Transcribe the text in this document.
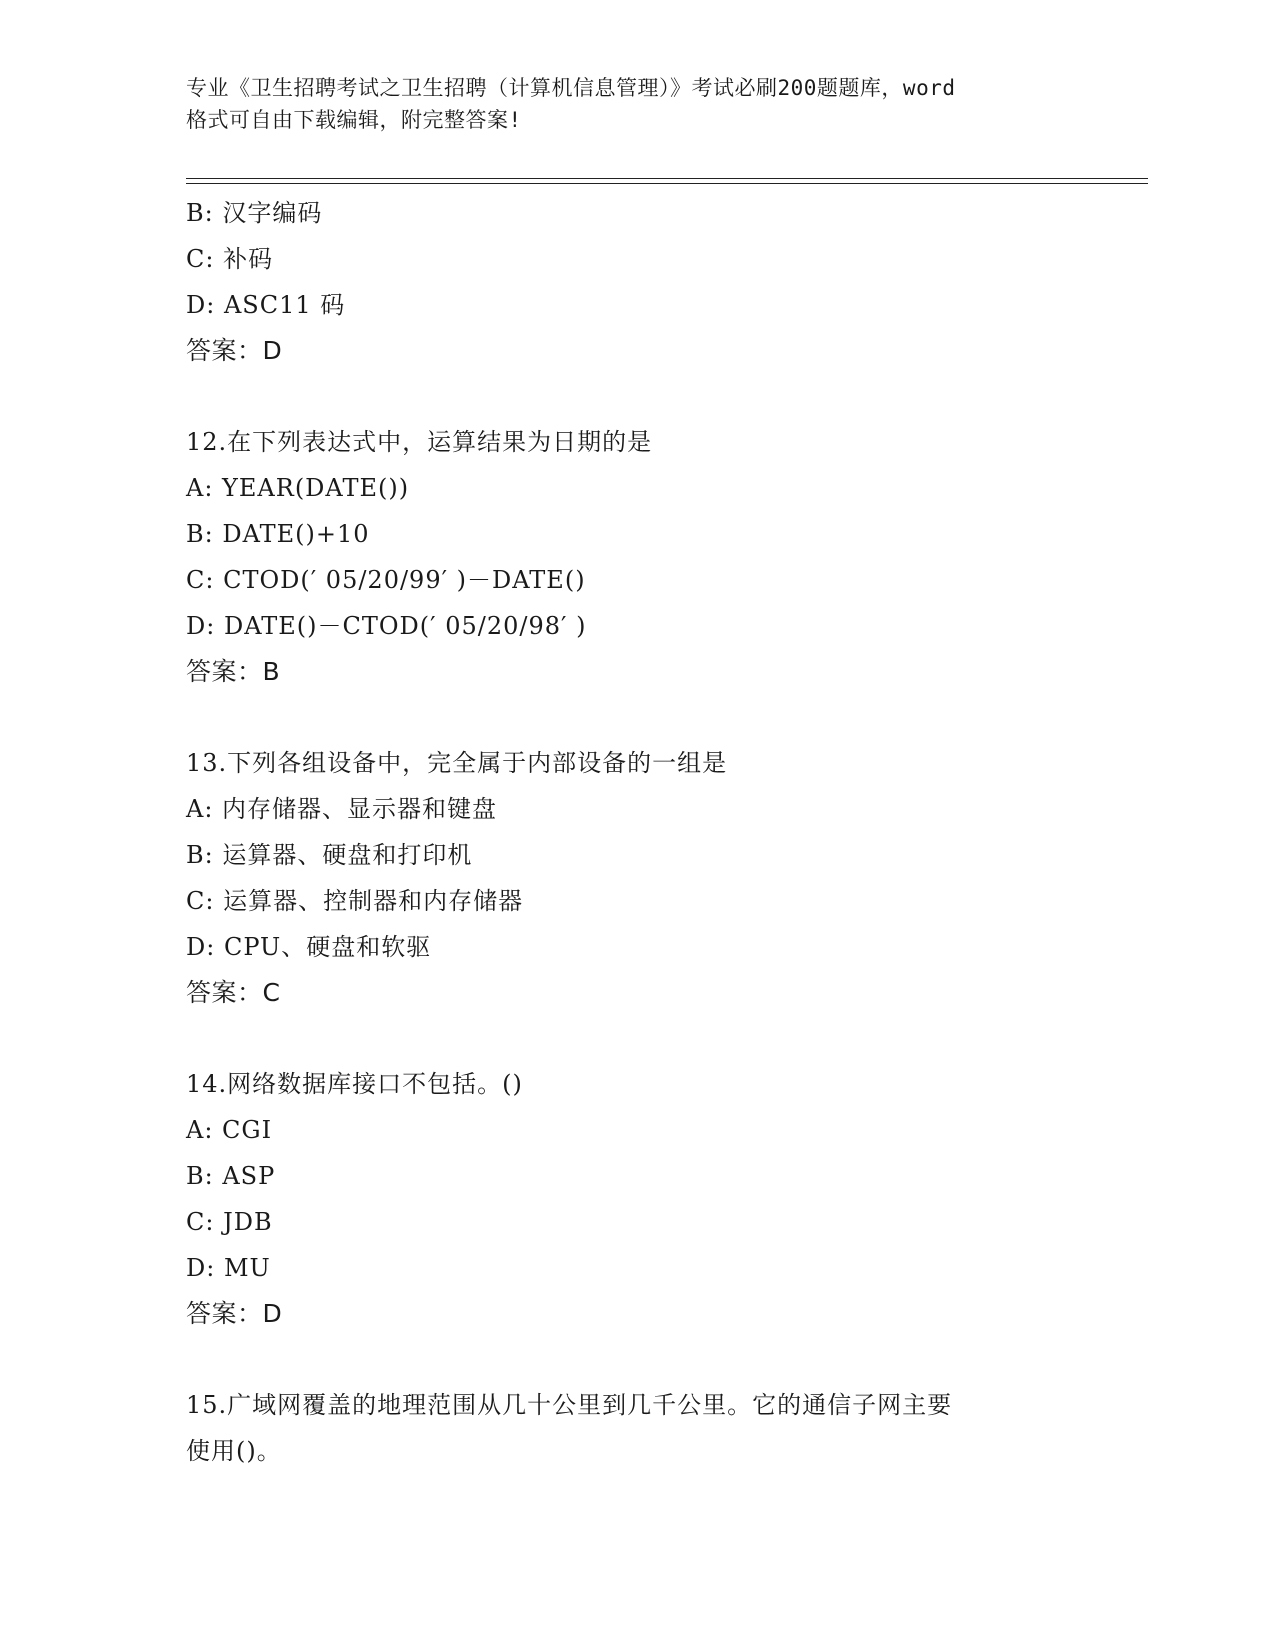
专业《卫生招聘考试之卫生招聘（计算机信息管理）》考试必刷200题题库，word
格式可自由下载编辑，附完整答案!
B: 汉字编码
C: 补码
D: ASC11 码
答案：D
12.在下列表达式中，运算结果为日期的是
A: YEAR(DATE())
B: DATE()+10
C: CTOD(′ 05/20/99′ )－DATE()
D: DATE()－CTOD(′ 05/20/98′ )
答案：B
13.下列各组设备中，完全属于内部设备的一组是
A: 内存储器、显示器和键盘
B: 运算器、硬盘和打印机
C: 运算器、控制器和内存储器
D: CPU、硬盘和软驱
答案：C
14.网络数据库接口不包括。()
A: CGI
B: ASP
C: JDB
D: MU
答案：D
15.广域网覆盖的地理范围从几十公里到几千公里。它的通信子网主要
使用()。
